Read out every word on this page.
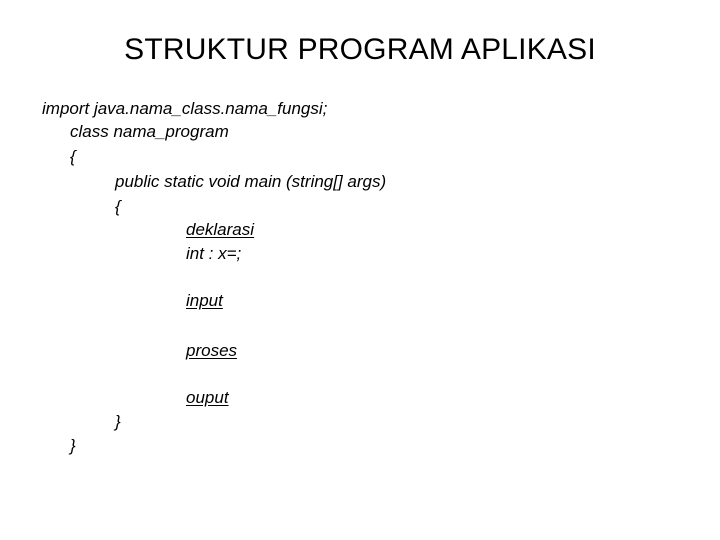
STRUKTUR PROGRAM APLIKASI
import java.nama_class.nama_fungsi;
class nama_program
{
public static void main (string[] args)
{
deklarasi
int : x=;
input
proses
ouput
}
}
